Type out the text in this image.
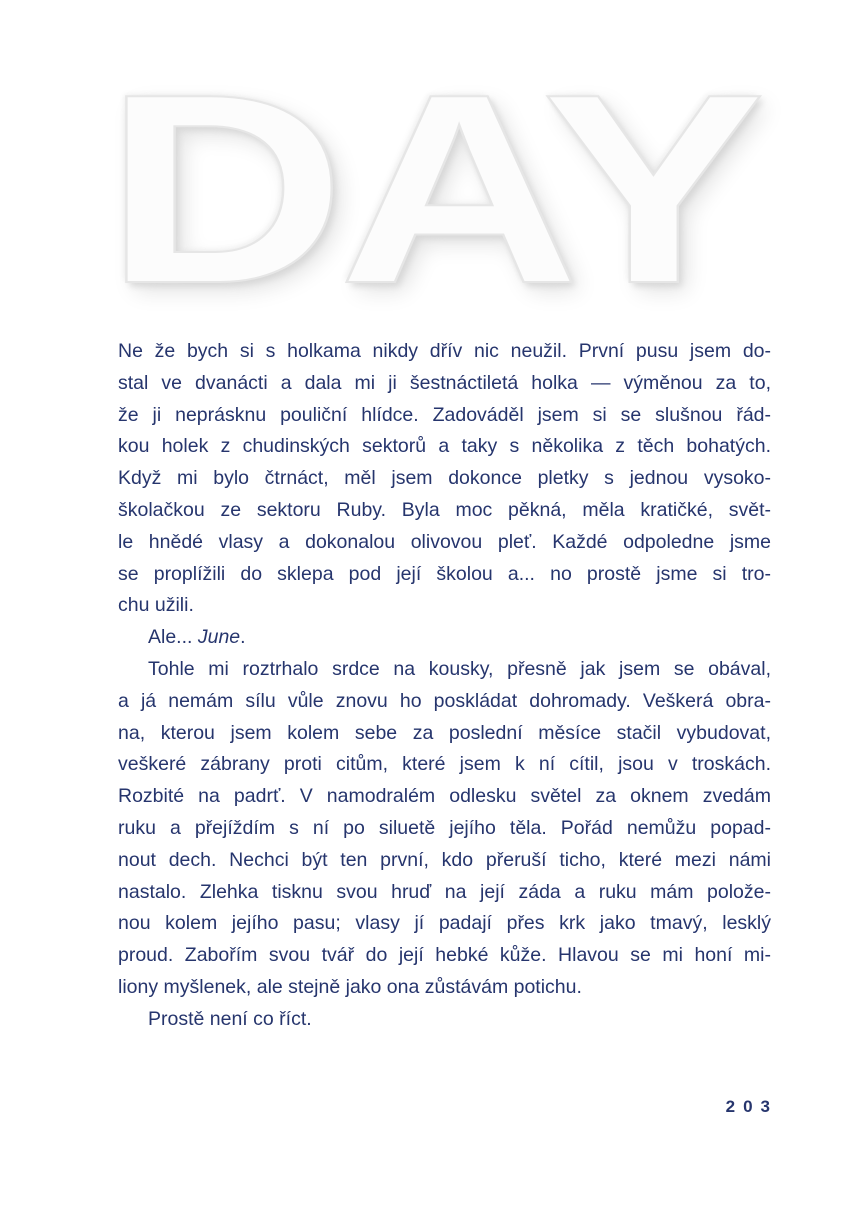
DAY
Ne že bych si s holkama nikdy dřív nic neužil. První pusu jsem do-
stal ve dvanácti a dala mi ji šestnáctiletá holka — výměnou za to,
že ji neprásknu pouliční hlídce. Zadováděl jsem si se slušnou řád-
kou holek z chudinských sektorů a taky s několika z těch bohatých.
Když mi bylo čtrnáct, měl jsem dokonce pletky s jednou vysoko-
školačkou ze sektoru Ruby. Byla moc pěkná, měla kratičké, svět-
le hnědé vlasy a dokonalou olivovou pleť. Každé odpoledne jsme
se proplížili do sklepa pod její školou a... no prostě jsme si tro-
chu užili.
Ale... June.
Tohle mi roztrhalo srdce na kousky, přesně jak jsem se obával,
a já nemám sílu vůle znovu ho poskládat dohromady. Veškerá obra-
na, kterou jsem kolem sebe za poslední měsíce stačil vybudovat,
veškeré zábrany proti citům, které jsem k ní cítil, jsou v troskách.
Rozbité na padrť. V namodralém odlesku světel za oknem zvedám
ruku a přejíždím s ní po siluetě jejího těla. Pořád nemůžu popad-
nout dech. Nechci být ten první, kdo přeruší ticho, které mezi námi
nastalo. Zlehka tisknu svou hruď na její záda a ruku mám polože-
nou kolem jejího pasu; vlasy jí padají přes krk jako tmavý, lesklý
proud. Zabořím svou tvář do její hebké kůže. Hlavou se mi honí mi-
liony myšlenek, ale stejně jako ona zůstávám potichu.
Prostě není co říct.
203
